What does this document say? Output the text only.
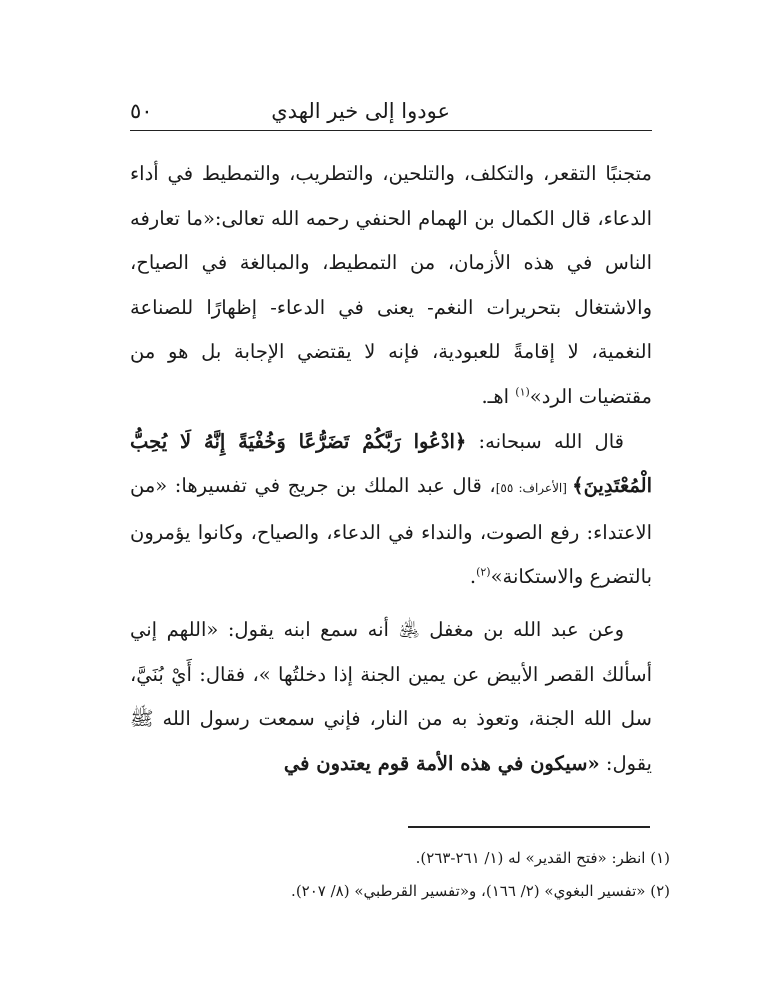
عودوا إلى خير الهدي
٥٠

متجنبًا التقعر، والتكلف، والتلحين، والتطريب، والتمطيط في أداء الدعاء، قال الكمال بن الهمام الحنفي رحمه الله تعالى:«ما تعارفه الناس في هذه الأزمان، من التمطيط، والمبالغة في الصياح، والاشتغال بتحريرات النغم- يعنى في الدعاء- إظهارًا للصناعة النغمية، لا إقامةً للعبودية، فإنه لا يقتضي الإجابة بل هو من مقتضيات الرد»$^{(١)}$ اهـ.

قال الله سبحانه: ﴿ادْعُوا رَبَّكُمْ تَضَرُّعًا وَخُفْيَةً إِنَّهُ لَا يُحِبُّ الْمُعْتَدِينَ﴾ [الأعراف: ٥٥]، قال عبد الملك بن جريج في تفسيرها: «من الاعتداء: رفع الصوت، والنداء في الدعاء، والصياح، وكانوا يؤمرون بالتضرع والاستكانة»$^{(٢)}$.

وعن عبد الله بن مغفل ﵁ أنه سمع ابنه يقول: «اللهم إني أسألك القصر الأبيض عن يمين الجنة إذا دخلتُها »، فقال: أَيْ بُنَيَّ، سل الله الجنة، وتعوذ به من النار، فإني سمعت رسول الله ﷺ يقول: «سيكون في هذه الأمة قوم يعتدون في

(١) انظر: «فتح القدير» له (١/ ٢٦١-٢٦٣).
(٢) «تفسير البغوي» (٢/ ١٦٦)، و«تفسير القرطبي» (٨/ ٢٠٧).
